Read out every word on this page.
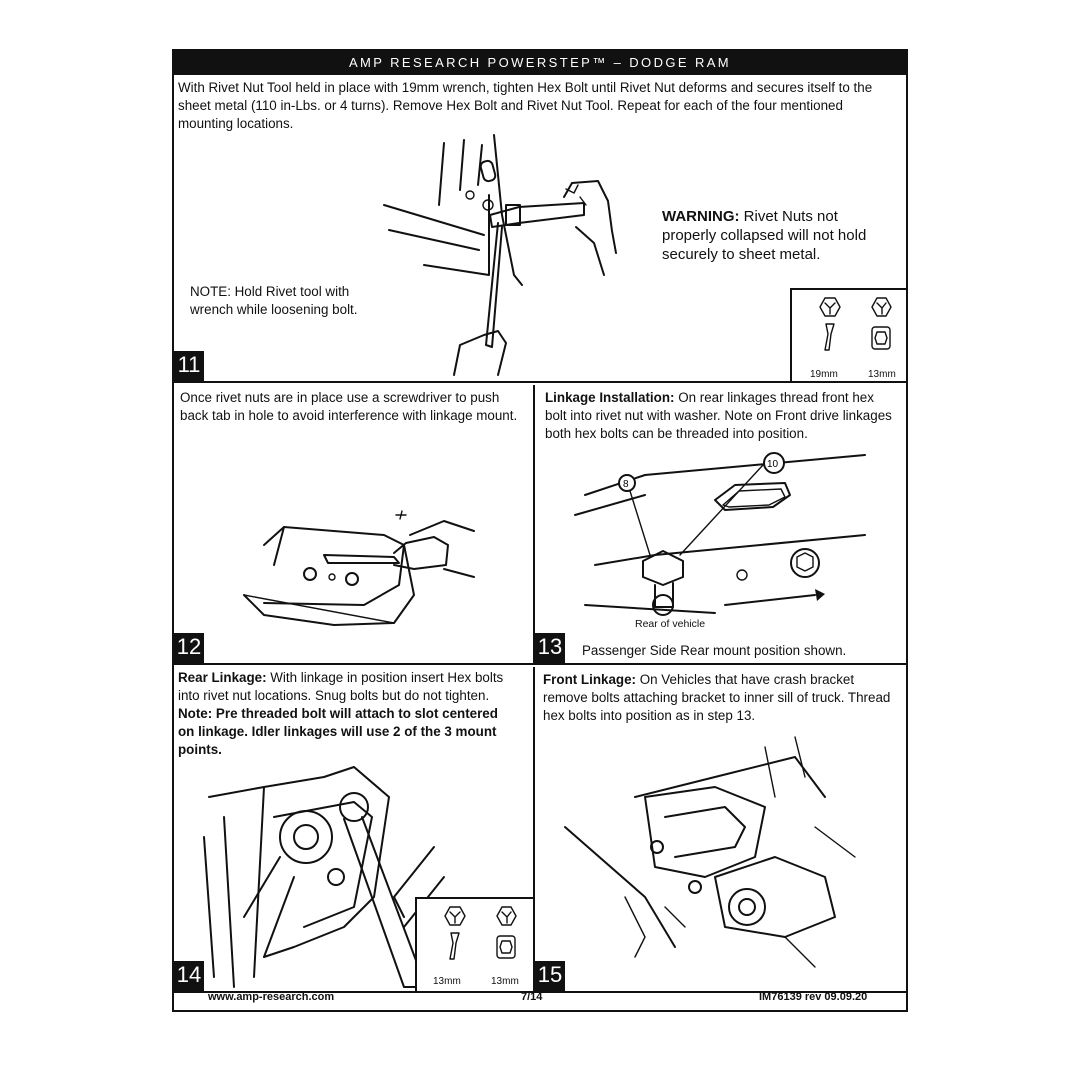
AMP RESEARCH POWERSTEP™ – DODGE RAM
With Rivet Nut Tool held in place with 19mm wrench, tighten Hex Bolt until Rivet Nut deforms and secures itself to the sheet metal (110 in-Lbs. or 4 turns). Remove Hex Bolt and Rivet Nut Tool. Repeat for each of the four mentioned mounting locations.
WARNING: Rivet Nuts not properly collapsed will not hold securely to sheet metal.
NOTE: Hold Rivet tool with wrench while loosening bolt.
19mm	13mm
11
Once rivet nuts are in place use a screwdriver to push back tab in hole to avoid interference with linkage mount.
12
Linkage Installation: On rear linkages thread front hex bolt into rivet nut with washer. Note on Front drive linkages both hex bolts can be threaded into position.
8
10
Rear of vehicle
Passenger Side Rear mount position shown.
13
Rear Linkage: With linkage in position insert Hex bolts into rivet nut locations. Snug bolts but do not tighten. Note: Pre threaded bolt will attach to slot centered on linkage. Idler linkages will use 2 of the 3 mount points.
13mm	13mm
14
Front Linkage: On Vehicles that have crash bracket remove bolts attaching bracket to inner sill of truck. Thread hex bolts into position as in step 13.
15
www.amp-research.com	7/14	IM76139 rev 09.09.20
